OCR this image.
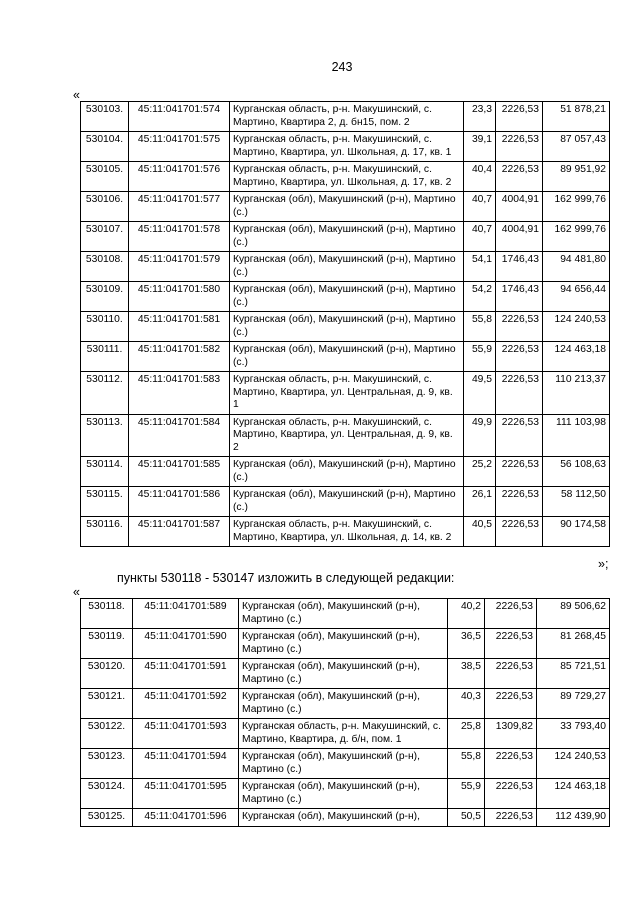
243
«
530103.	45:11:041701:574	Курганская область, р-н. Макушинский, с. Мартино, Квартира 2, д. бн15, пом. 2	23,3	2226,53	51 878,21
530104.	45:11:041701:575	Курганская область, р-н. Макушинский, с. Мартино, Квартира, ул. Школьная, д. 17, кв. 1	39,1	2226,53	87 057,43
530105.	45:11:041701:576	Курганская область, р-н. Макушинский, с. Мартино, Квартира, ул. Школьная, д. 17, кв. 2	40,4	2226,53	89 951,92
530106.	45:11:041701:577	Курганская (обл), Макушинский (р-н), Мартино (с.)	40,7	4004,91	162 999,76
530107.	45:11:041701:578	Курганская (обл), Макушинский (р-н), Мартино (с.)	40,7	4004,91	162 999,76
530108.	45:11:041701:579	Курганская (обл), Макушинский (р-н), Мартино (с.)	54,1	1746,43	94 481,80
530109.	45:11:041701:580	Курганская (обл), Макушинский (р-н), Мартино (с.)	54,2	1746,43	94 656,44
530110.	45:11:041701:581	Курганская (обл), Макушинский (р-н), Мартино (с.)	55,8	2226,53	124 240,53
530111.	45:11:041701:582	Курганская (обл), Макушинский (р-н), Мартино (с.)	55,9	2226,53	124 463,18
530112.	45:11:041701:583	Курганская область, р-н. Макушинский, с. Мартино, Квартира, ул. Центральная, д. 9, кв. 1	49,5	2226,53	110 213,37
530113.	45:11:041701:584	Курганская область, р-н. Макушинский, с. Мартино, Квартира, ул. Центральная, д. 9, кв. 2	49,9	2226,53	111 103,98
530114.	45:11:041701:585	Курганская (обл), Макушинский (р-н), Мартино (с.)	25,2	2226,53	56 108,63
530115.	45:11:041701:586	Курганская (обл), Макушинский (р-н), Мартино (с.)	26,1	2226,53	58 112,50
530116.	45:11:041701:587	Курганская область, р-н. Макушинский, с. Мартино, Квартира, ул. Школьная, д. 14, кв. 2	40,5	2226,53	90 174,58
»;
пункты 530118 - 530147 изложить в следующей редакции:
«
530118.	45:11:041701:589	Курганская (обл), Макушинский (р-н), Мартино (с.)	40,2	2226,53	89 506,62
530119.	45:11:041701:590	Курганская (обл), Макушинский (р-н), Мартино (с.)	36,5	2226,53	81 268,45
530120.	45:11:041701:591	Курганская (обл), Макушинский (р-н), Мартино (с.)	38,5	2226,53	85 721,51
530121.	45:11:041701:592	Курганская (обл), Макушинский (р-н), Мартино (с.)	40,3	2226,53	89 729,27
530122.	45:11:041701:593	Курганская область, р-н. Макушинский, с. Мартино, Квартира, д. б/н, пом. 1	25,8	1309,82	33 793,40
530123.	45:11:041701:594	Курганская (обл), Макушинский (р-н), Мартино (с.)	55,8	2226,53	124 240,53
530124.	45:11:041701:595	Курганская (обл), Макушинский (р-н), Мартино (с.)	55,9	2226,53	124 463,18
530125.	45:11:041701:596	Курганская (обл), Макушинский (р-н),	50,5	2226,53	112 439,90
